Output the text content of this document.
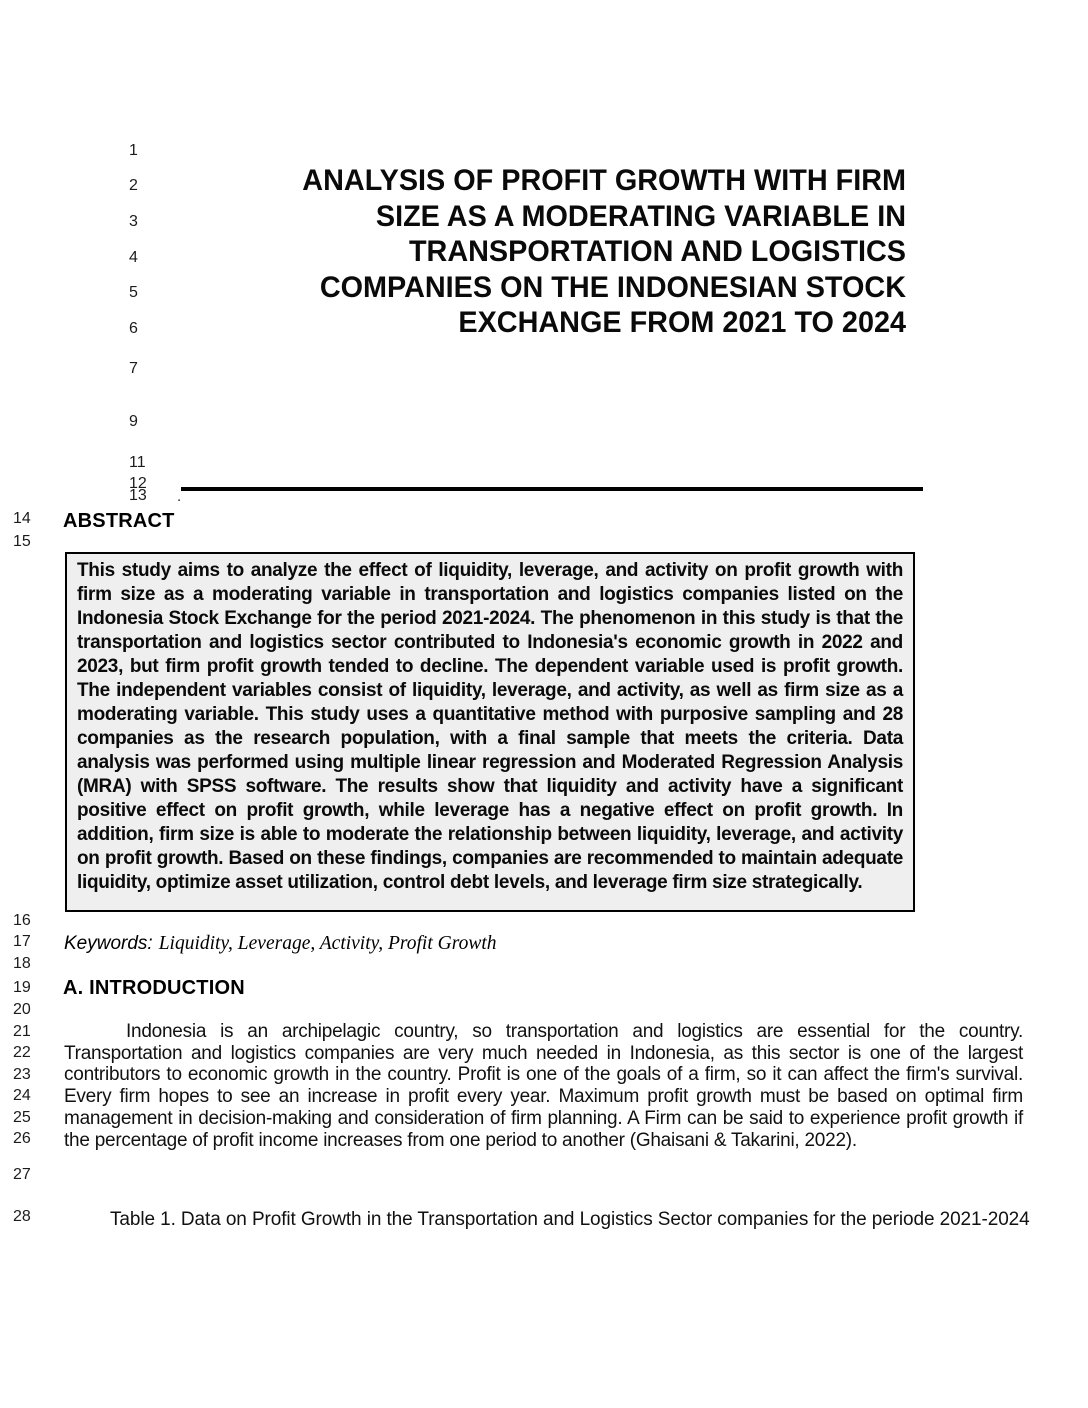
1
2
3
4
5
6
7
9
11
12
13
14
15
16
17
18
19
20
21
22
23
24
25
26
27
28
ANALYSIS OF PROFIT GROWTH WITH FIRM
SIZE AS A MODERATING VARIABLE IN
TRANSPORTATION AND LOGISTICS
COMPANIES ON THE INDONESIAN STOCK
EXCHANGE FROM 2021 TO 2024
.
ABSTRACT

This study aims to analyze the effect of liquidity, leverage, and activity on profit growth with firm size as a moderating variable in transportation and logistics companies listed on the Indonesia Stock Exchange for the period 2021-2024. The phenomenon in this study is that the transportation and logistics sector contributed to Indonesia's economic growth in 2022 and 2023, but firm profit growth tended to decline. The dependent variable used is profit growth. The independent variables consist of liquidity, leverage, and activity, as well as firm size as a moderating variable. This study uses a quantitative method with purposive sampling and 28 companies as the research population, with a final sample that meets the criteria. Data analysis was performed using multiple linear regression and Moderated Regression Analysis (MRA) with SPSS software. The results show that liquidity and activity have a significant positive effect on profit growth, while leverage has a negative effect on profit growth. In addition, firm size is able to moderate the relationship between liquidity, leverage, and activity on profit growth. Based on these findings, companies are recommended to maintain adequate liquidity, optimize asset utilization, control debt levels, and leverage firm size strategically.

Keywords: Liquidity, Leverage, Activity, Profit Growth
A. INTRODUCTION

Indonesia is an archipelagic country, so transportation and logistics are essential for the country. Transportation and logistics companies are very much needed in Indonesia, as this sector is one of the largest contributors to economic growth in the country. Profit is one of the goals of a firm, so it can affect the firm's survival. Every firm hopes to see an increase in profit every year. Maximum profit growth must be based on optimal firm management in decision-making and consideration of firm planning. A Firm can be said to experience profit growth if the percentage of profit income increases from one period to another (Ghaisani & Takarini, 2022).

Table 1. Data on Profit Growth in the Transportation and Logistics Sector companies for the periode 2021-2024
